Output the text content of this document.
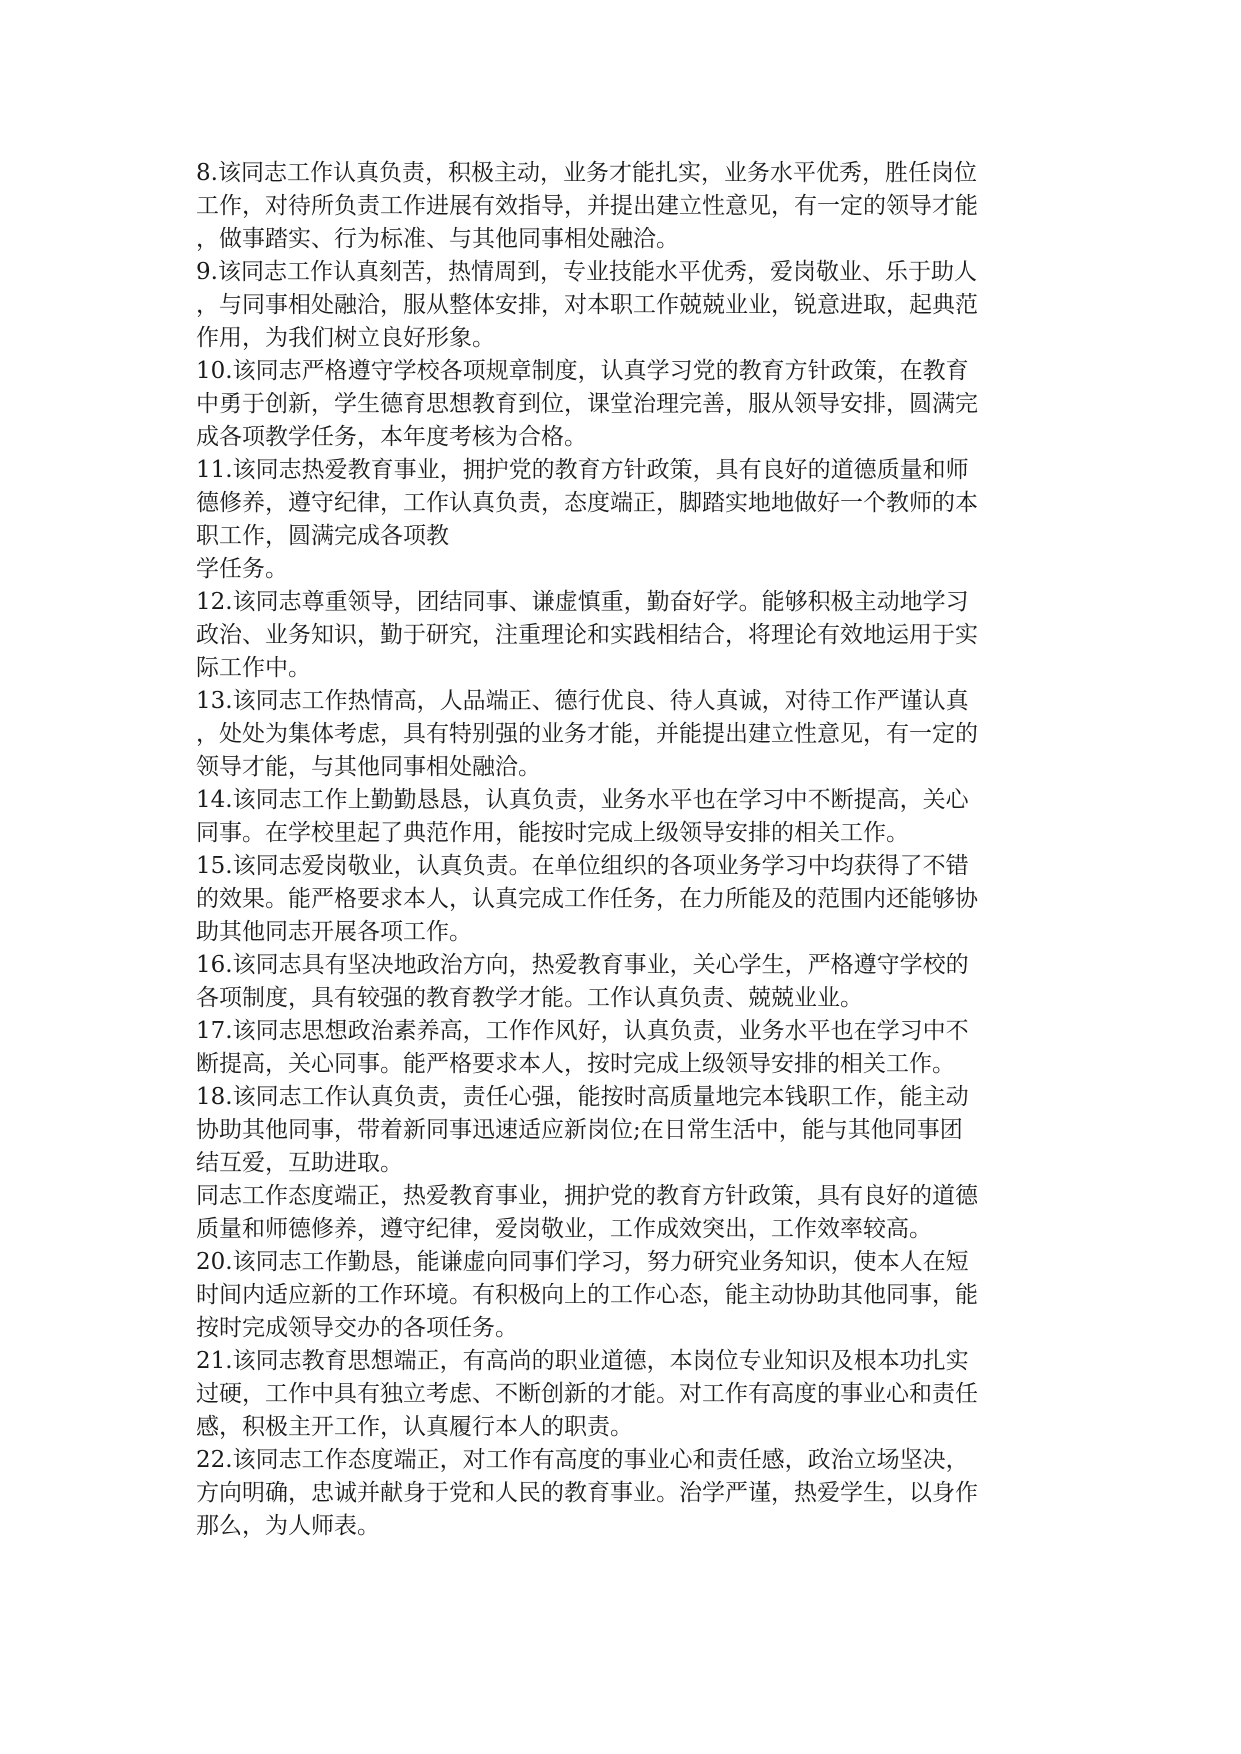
8.该同志工作认真负责，积极主动，业务才能扎实，业务水平优秀，胜任岗位
工作，对待所负责工作进展有效指导，并提出建立性意见，有一定的领导才能
，做事踏实、行为标准、与其他同事相处融洽。
9.该同志工作认真刻苦，热情周到，专业技能水平优秀，爱岗敬业、乐于助人
，与同事相处融洽，服从整体安排，对本职工作兢兢业业，锐意进取，起典范
作用，为我们树立良好形象。
10.该同志严格遵守学校各项规章制度，认真学习党的教育方针政策，在教育
中勇于创新，学生德育思想教育到位，课堂治理完善，服从领导安排，圆满完
成各项教学任务，本年度考核为合格。
11.该同志热爱教育事业，拥护党的教育方针政策，具有良好的道德质量和师
德修养，遵守纪律，工作认真负责，态度端正，脚踏实地地做好一个教师的本
职工作，圆满完成各项教
学任务。
12.该同志尊重领导，团结同事、谦虚慎重，勤奋好学。能够积极主动地学习
政治、业务知识，勤于研究，注重理论和实践相结合，将理论有效地运用于实
际工作中。
13.该同志工作热情高，人品端正、德行优良、待人真诚，对待工作严谨认真
，处处为集体考虑，具有特别强的业务才能，并能提出建立性意见，有一定的
领导才能，与其他同事相处融洽。
14.该同志工作上勤勤恳恳，认真负责，业务水平也在学习中不断提高，关心
同事。在学校里起了典范作用，能按时完成上级领导安排的相关工作。
15.该同志爱岗敬业，认真负责。在单位组织的各项业务学习中均获得了不错
的效果。能严格要求本人，认真完成工作任务，在力所能及的范围内还能够协
助其他同志开展各项工作。
16.该同志具有坚决地政治方向，热爱教育事业，关心学生，严格遵守学校的
各项制度，具有较强的教育教学才能。工作认真负责、兢兢业业。
17.该同志思想政治素养高，工作作风好，认真负责，业务水平也在学习中不
断提高，关心同事。能严格要求本人，按时完成上级领导安排的相关工作。
18.该同志工作认真负责，责任心强，能按时高质量地完本钱职工作，能主动
协助其他同事，带着新同事迅速适应新岗位;在日常生活中，能与其他同事团
结互爱，互助进取。
同志工作态度端正，热爱教育事业，拥护党的教育方针政策，具有良好的道德
质量和师德修养，遵守纪律，爱岗敬业，工作成效突出，工作效率较高。
20.该同志工作勤恳，能谦虚向同事们学习，努力研究业务知识，使本人在短
时间内适应新的工作环境。有积极向上的工作心态，能主动协助其他同事，能
按时完成领导交办的各项任务。
21.该同志教育思想端正，有高尚的职业道德，本岗位专业知识及根本功扎实
过硬，工作中具有独立考虑、不断创新的才能。对工作有高度的事业心和责任
感，积极主开工作，认真履行本人的职责。
22.该同志工作态度端正，对工作有高度的事业心和责任感，政治立场坚决，
方向明确，忠诚并献身于党和人民的教育事业。治学严谨，热爱学生，以身作
那么，为人师表。
